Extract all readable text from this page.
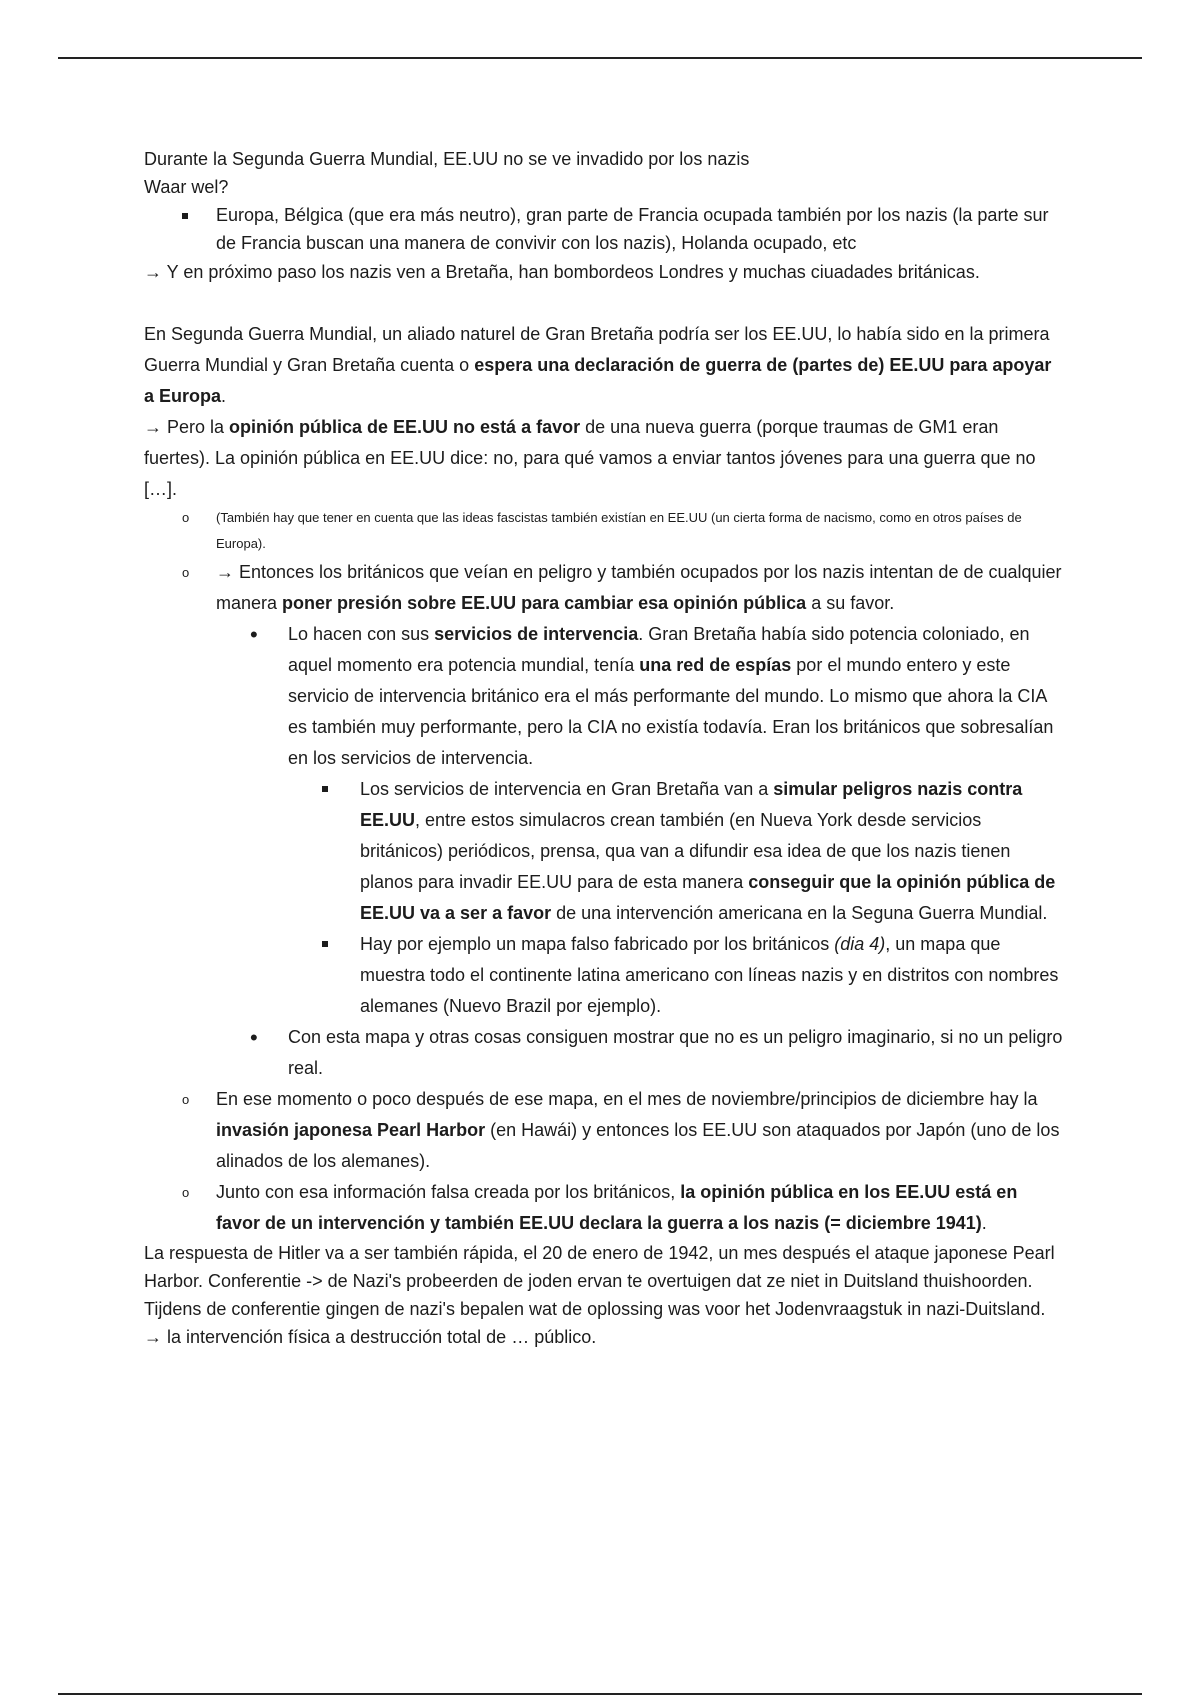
Durante la Segunda Guerra Mundial, EE.UU no se ve invadido por los nazis

Waar wel?

Europa, Bélgica (que era más neutro), gran parte de Francia ocupada también por los nazis (la parte sur de Francia buscan una manera de convivir con los nazis), Holanda ocupado, etc

→ Y en próximo paso los nazis ven a Bretaña, han bombordeos Londres y muchas ciuadades británicas.

En Segunda Guerra Mundial, un aliado naturel de Gran Bretaña podría ser los EE.UU, lo había sido en la primera Guerra Mundial y Gran Bretaña cuenta o espera una declaración de guerra de (partes de) EE.UU para apoyar a Europa.

→ Pero la opinión pública de EE.UU no está a favor de una nueva guerra (porque traumas de GM1 eran fuertes). La opinión pública en EE.UU dice: no, para qué vamos a enviar tantos jóvenes para una guerra que no […].

o (También hay que tener en cuenta que las ideas fascistas también existían en EE.UU (un cierta forma de nacismo, como en otros países de Europa).
o → Entonces los británicos que veían en peligro y también ocupados por los nazis intentan de de cualquier manera poner presión sobre EE.UU para cambiar esa opinión pública a su favor.
• Lo hacen con sus servicios de intervencia. Gran Bretaña había sido potencia coloniado, en aquel momento era potencia mundial, tenía una red de espías por el mundo entero y este servicio de intervencia británico era el más performante del mundo. Lo mismo que ahora la CIA es también muy performante, pero la CIA no existía todavía. Eran los británicos que sobresalían en los servicios de intervencia.
Los servicios de intervencia en Gran Bretaña van a simular peligros nazis contra EE.UU, entre estos simulacros crean también (en Nueva York desde servicios británicos) periódicos, prensa, qua van a difundir esa idea de que los nazis tienen planos para invadir EE.UU para de esta manera conseguir que la opinión pública de EE.UU va a ser a favor de una intervención americana en la Seguna Guerra Mundial.
Hay por ejemplo un mapa falso fabricado por los británicos (dia 4), un mapa que muestra todo el continente latina americano con líneas nazis y en distritos con nombres alemanes (Nuevo Brazil por ejemplo).
• Con esta mapa y otras cosas consiguen mostrar que no es un peligro imaginario, si no un peligro real.
o En ese momento o poco después de ese mapa, en el mes de noviembre/principios de diciembre hay la invasión japonesa Pearl Harbor (en Hawái) y entonces los EE.UU son ataquados por Japón (uno de los alinados de los alemanes).
o Junto con esa información falsa creada por los británicos, la opinión pública en los EE.UU está en favor de un intervención y también EE.UU declara la guerra a los nazis (= diciembre 1941).

La respuesta de Hitler va a ser también rápida, el 20 de enero de 1942, un mes después el ataque japonese Pearl Harbor. Conferentie -> de Nazi's probeerden de joden ervan te overtuigen dat ze niet in Duitsland thuishoorden. Tijdens de conferentie gingen de nazi's bepalen wat de oplossing was voor het Jodenvraagstuk in nazi-Duitsland. → la intervención física a destrucción total de … público.
